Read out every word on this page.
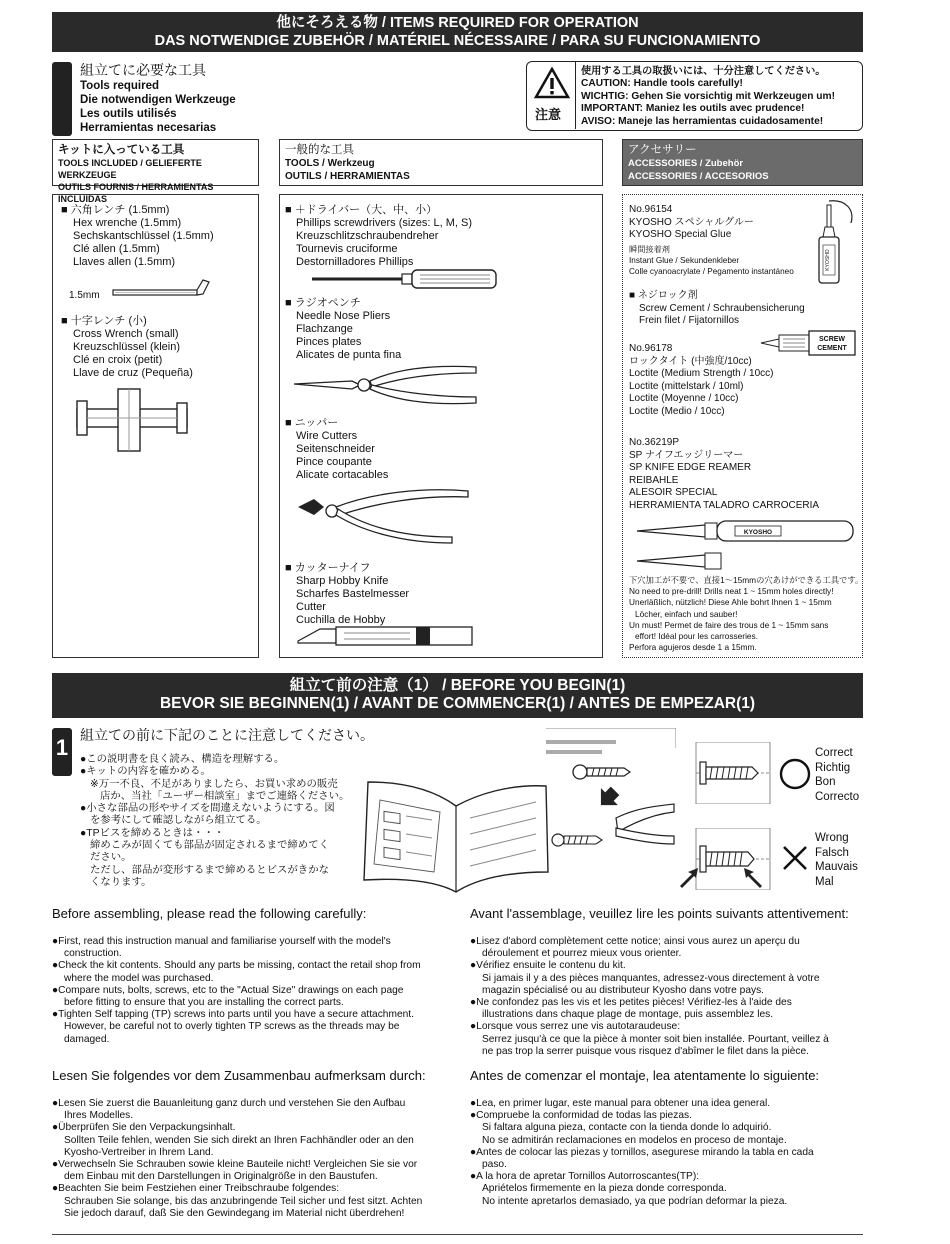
他にそろえる物 / ITEMS REQUIRED FOR OPERATION
DAS NOTWENDIGE ZUBEHÖR / MATÉRIEL NÉCESSAIRE / PARA SU FUNCIONAMIENTO
組立てに必要な工具
Tools required
Die notwendigen Werkzeuge
Les outils utilisés
Herramientas necesarias
注意
使用する工具の取扱いには、十分注意してください。
CAUTION: Handle tools carefully!
WICHTIG: Gehen Sie vorsichtig mit Werkzeugen um!
IMPORTANT: Maniez les outils avec prudence!
AVISO: Maneje las herramientas cuidadosamente!
キットに入っている工具
TOOLS INCLUDED / GELIEFERTE WERKZEUGE
OUTILS FOURNIS / HERRAMIENTAS INCLUIDAS
一般的な工具
TOOLS / Werkzeug
OUTILS / HERRAMIENTAS
アクセサリー
ACCESSORIES / Zubehör
ACCESSORIES / ACCESORIOS
■ 六角レンチ (1.5mm)
Hex wrenche (1.5mm)
Sechskantschlüssel (1.5mm)
Clé allen (1.5mm)
Llaves allen (1.5mm)
1.5mm
■ 十字レンチ (小)
Cross Wrench (small)
Kreuzschlüssel (klein)
Clé en croix (petit)
Llave de cruz (Pequeña)
■ ＋ドライバー（大、中、小）
Phillips screwdrivers (sizes: L, M, S)
Kreuzschlitzschraubendreher
Tournevis cruciforme
Destornilladores Phillips
■ ラジオペンチ
Needle Nose Pliers
Flachzange
Pinces plates
Alicates de punta fina
■ ニッパー
Wire Cutters
Seitenschneider
Pince coupante
Alicate cortacables
■ カッターナイフ
Sharp Hobby Knife
Scharfes Bastelmesser
Cutter
Cuchilla de Hobby
No.96154
KYOSHO スペシャルグルー
KYOSHO Special Glue
瞬間接着剤
Instant Glue / Sekundenkleber
Colle cyanoacrylate / Pegamento instantáneo
KYOSHO
■ ネジロック剤
Screw Cement / Schraubensicherung
Frein filet / Fijatornillos
SCREW
CEMENT
No.96178
ロックタイト (中強度/10cc)
Loctite (Medium Strength / 10cc)
Loctite (mittelstark / 10ml)
Loctite (Moyenne / 10cc)
Loctite (Medio / 10cc)
No.36219P
SP ナイフエッジリーマー
SP KNIFE EDGE REAMER
REIBAHLE
ALESOIR SPECIAL
HERRAMIENTA TALADRO CARROCERIA
KYOSHO
下穴加工が不要で、直接1～15mmの穴あけができる工具です。
No need to pre-drill! Drills neat 1 ~ 15mm holes directly!
Unerläßlich, nützlich! Diese Ahle bohrt Ihnen 1 ~ 15mm
Löcher, einfach und sauber!
Un must! Permet de faire des trous de 1 ~ 15mm sans
effort! Idéal pour les carrosseries.
Perfora agujeros desde 1 a 15mm.
組立て前の注意（1） / BEFORE YOU BEGIN(1)
BEVOR SIE BEGINNEN(1) / AVANT DE COMMENCER(1) / ANTES DE EMPEZAR(1)
1 組立ての前に下記のことに注意してください。
●この説明書を良く読み、構造を理解する。
●キットの内容を確かめる。
※万一不良、不足がありましたら、お買い求めの販売
店か、当社「ユーザー相談室」までご連絡ください。
●小さな部品の形やサイズを間違えないようにする。図
を参考にして確認しながら組立てる。
●TPビスを締めるときは・・・
締めこみが固くても部品が固定されるまで締めてく
ださい。
ただし、部品が変形するまで締めるとビスがきかな
くなります。
Correct
Richtig
Bon
Correcto
Wrong
Falsch
Mauvais
Mal
Before assembling, please read the following carefully:
●First, read this instruction manual and familiarise yourself with the model's
construction.
●Check the kit contents. Should any parts be missing, contact the retail shop from
where the model was purchased.
●Compare nuts, bolts, screws, etc to the "Actual Size" drawings on each page
before fitting to ensure that you are installing the correct parts.
●Tighten Self tapping (TP) screws into parts until you have a secure attachment.
However, be careful not to overly tighten TP screws as the threads may be
damaged.
Avant l'assemblage, veuillez lire les points suivants attentivement:
●Lisez d'abord complètement cette notice; ainsi vous aurez un aperçu du
déroulement et pourrez mieux vous orienter.
●Vérifiez ensuite le contenu du kit.
Si jamais il y a des pièces manquantes, adressez-vous directement à votre
magazin spécialisé ou au distributeur Kyosho dans votre pays.
●Ne confondez pas les vis et les petites pièces! Vérifiez-les à l'aide des
illustrations dans chaque plage de montage, puis assemblez les.
●Lorsque vous serrez une vis autotaraudeuse:
Serrez jusqu'à ce que la pièce à monter soit bien installée. Pourtant, veillez à
ne pas trop la serrer puisque vous risquez d'abîmer le filet dans la pièce.
Lesen Sie folgendes vor dem Zusammenbau aufmerksam durch:
●Lesen Sie zuerst die Bauanleitung ganz durch und verstehen Sie den Aufbau
Ihres Modelles.
●Überprüfen Sie den Verpackungsinhalt.
Sollten Teile fehlen, wenden Sie sich direkt an Ihren Fachhändler oder an den
Kyosho-Vertreiber in Ihrem Land.
●Verwechseln Sie Schrauben sowie kleine Bauteile nicht! Vergleichen Sie sie vor
dem Einbau mit den Darstellungen in Originalgröße in den Baustufen.
●Beachten Sie beim Festziehen einer Treibschraube folgendes:
Schrauben Sie solange, bis das anzubringende Teil sicher und fest sitzt. Achten
Sie jedoch darauf, daß Sie den Gewindegang im Material nicht überdrehen!
Antes de comenzar el montaje, lea atentamente lo siguiente:
●Lea, en primer lugar, este manual para obtener una idea general.
●Compruebe la conformidad de todas las piezas.
Si faltara alguna pieza, contacte con la tienda donde lo adquirió.
No se admitirán reclamaciones en modelos en proceso de montaje.
●Antes de colocar las piezas y tornillos, asegurese mirando la tabla en cada
paso.
●A la hora de apretar Tornillos Autorroscantes(TP):
Apriételos firmemente en la pieza donde corresponda.
No intente apretarlos demasiado, ya que podrían deformar la pieza.
